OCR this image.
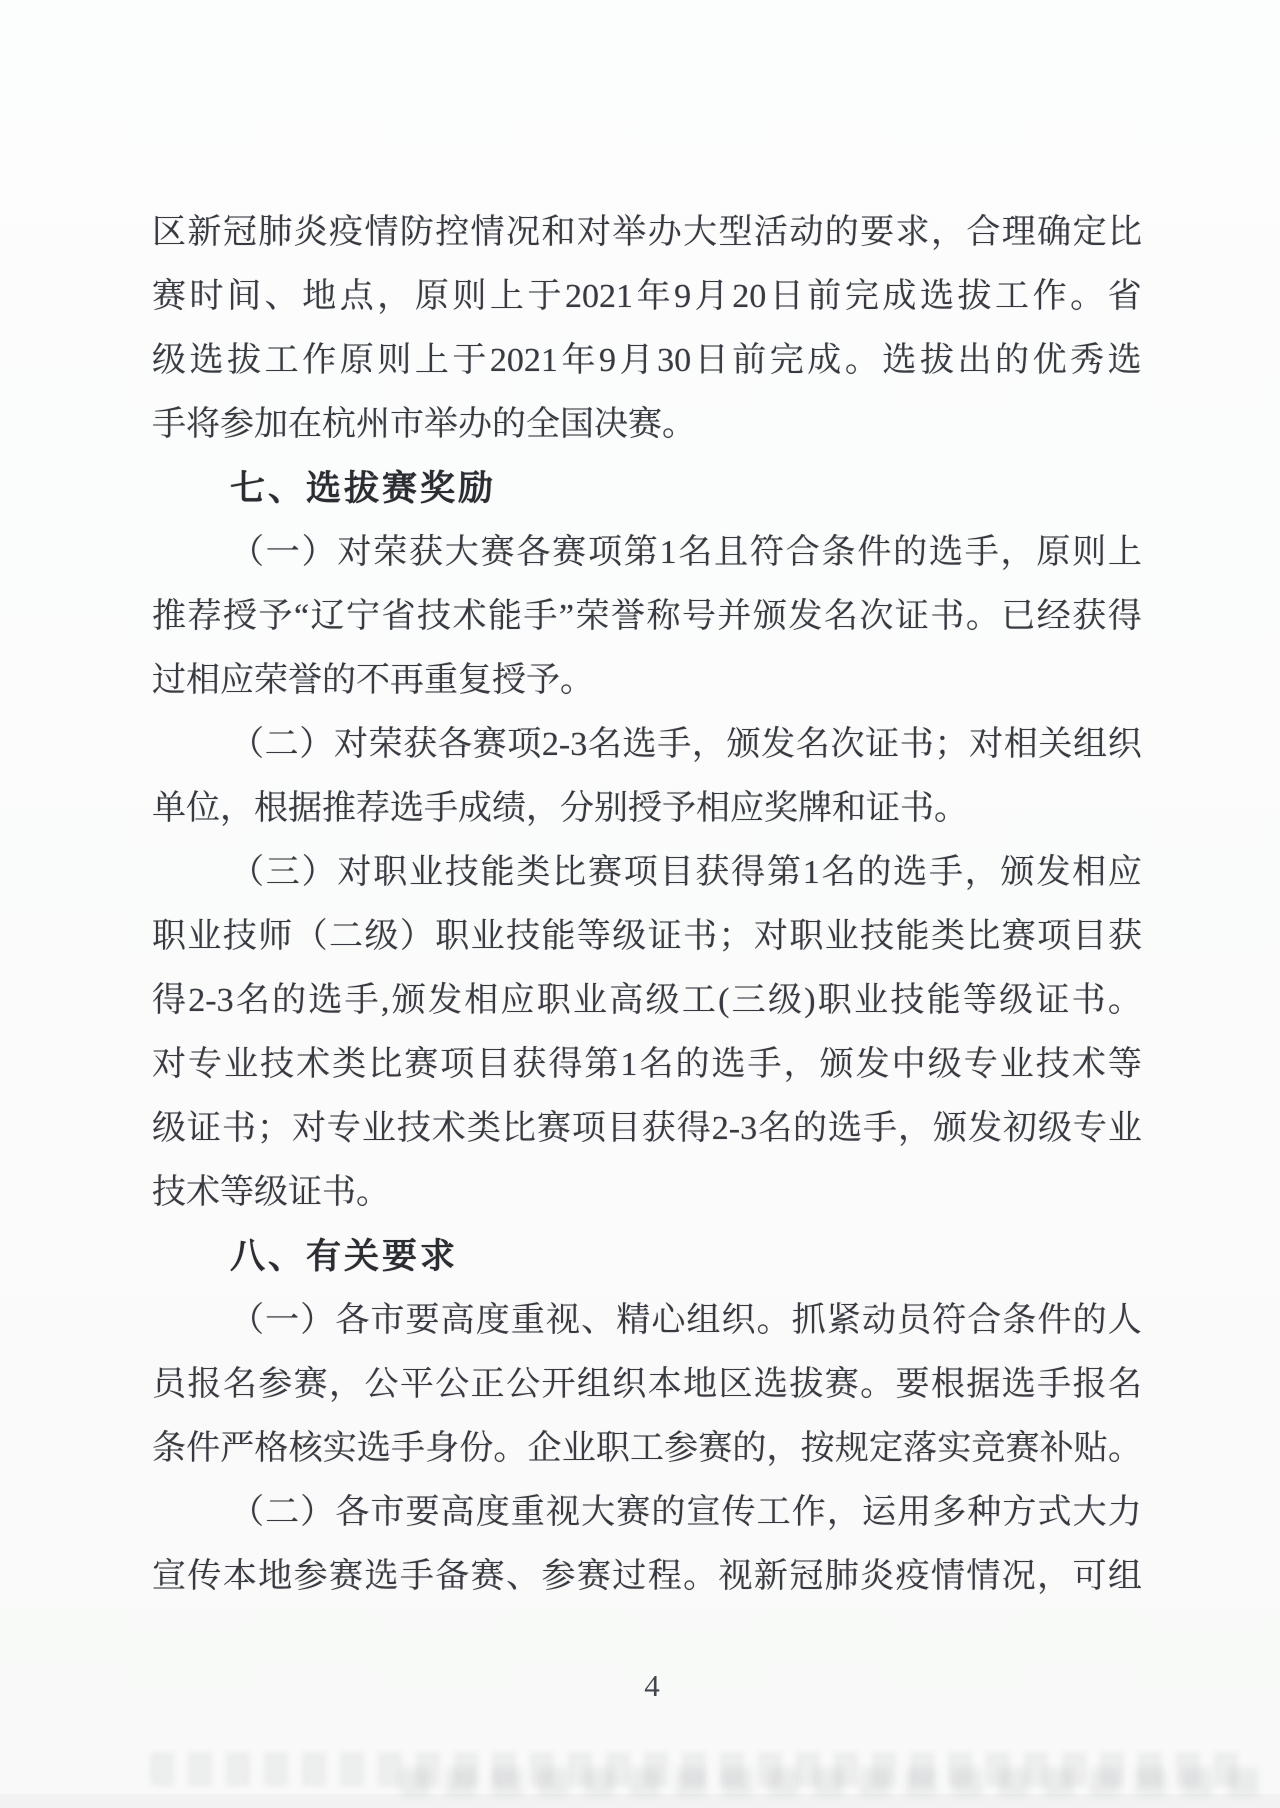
区 新 冠 肺 炎 疫 情 防 控 情 况 和 对 举 办 大 型 活 动 的 要 求 ， 合 理 确 定 比
赛 时 间 、 地 点 ， 原 则 上 于 2021 年 9 月 20 日 前 完 成 选 拔 工 作 。 省
级 选 拔 工 作 原 则 上 于 2021 年 9 月 30 日 前 完 成 。 选 拔 出 的 优 秀 选
手将参加在杭州市举办的全国决赛。
七、选拔赛奖励
（ 一 ） 对 荣 获 大 赛 各 赛 项 第 1 名 且 符 合 条 件 的 选 手 ， 原 则 上
推 荐 授 予 “ 辽 宁 省 技 术 能 手 ” 荣 誉 称 号 并 颁 发 名 次 证 书 。 已 经 获 得
过相应荣誉的不再重复授予。
（ 二 ） 对 荣 获 各 赛 项 2-3 名 选 手 ， 颁 发 名 次 证 书 ； 对 相 关 组 织
单位，根据推荐选手成绩，分别授予相应奖牌和证书。
（ 三 ） 对 职 业 技 能 类 比 赛 项 目 获 得 第 1 名 的 选 手 ， 颁 发 相 应
职 业 技 师 （ 二 级 ） 职 业 技 能 等 级 证 书 ； 对 职 业 技 能 类 比 赛 项 目 获
得 2-3 名 的 选 手 , 颁 发 相 应 职 业 高 级 工 ( 三 级 ) 职 业 技 能 等 级 证 书 。
对 专 业 技 术 类 比 赛 项 目 获 得 第 1 名 的 选 手 ， 颁 发 中 级 专 业 技 术 等
级 证 书 ； 对 专 业 技 术 类 比 赛 项 目 获 得 2-3 名 的 选 手 ， 颁 发 初 级 专 业
技术等级证书。
八、有关要求
（ 一 ） 各 市 要 高 度 重 视 、 精 心 组 织 。 抓 紧 动 员 符 合 条 件 的 人
员 报 名 参 赛 ， 公 平 公 正 公 开 组 织 本 地 区 选 拔 赛 。 要 根 据 选 手 报 名
条 件 严 格 核 实 选 手 身 份 。 企 业 职 工 参 赛 的 ， 按 规 定 落 实 竞 赛 补 贴 。
（ 二 ） 各 市 要 高 度 重 视 大 赛 的 宣 传 工 作 ， 运 用 多 种 方 式 大 力
宣 传 本 地 参 赛 选 手 备 赛 、 参 赛 过 程 。 视 新 冠 肺 炎 疫 情 情 况 ， 可 组
4
